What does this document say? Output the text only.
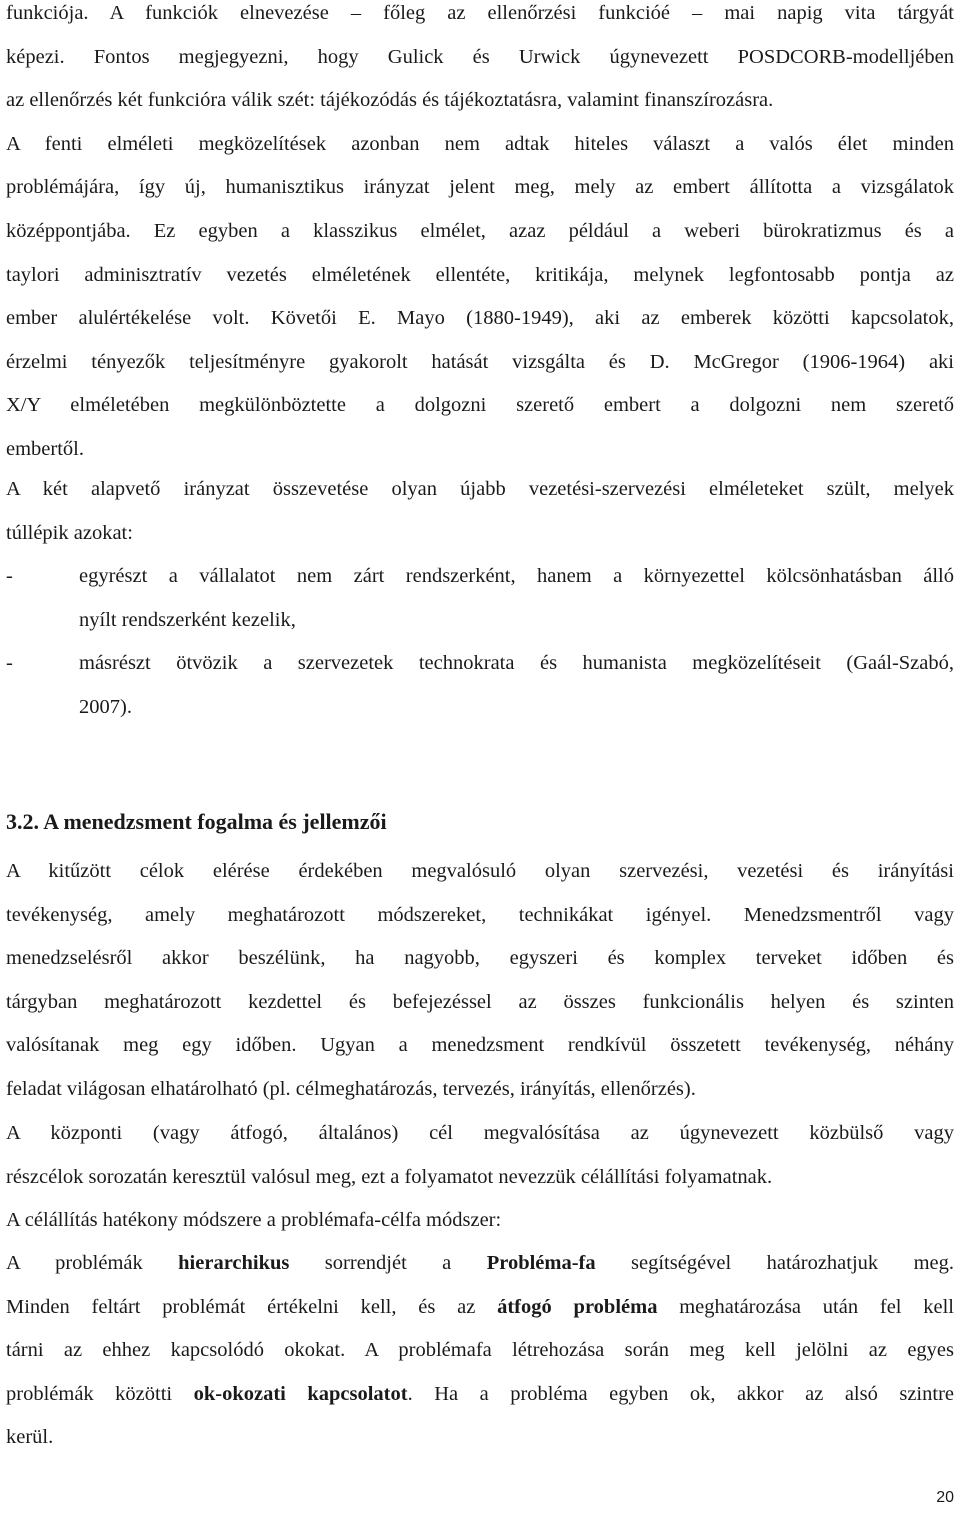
funkciója. A funkciók elnevezése – főleg az ellenőrzési funkcióé – mai napig vita tárgyát
képezi. Fontos megjegyezni, hogy Gulick és Urwick úgynevezett POSDCORB-modelljében
az ellenőrzés két funkcióra válik szét: tájékozódás és tájékoztatásra, valamint finanszírozásra.
A fenti elméleti megközelítések azonban nem adtak hiteles választ a valós élet minden
problémájára, így új, humanisztikus irányzat jelent meg, mely az embert állította a vizsgálatok
középpontjába. Ez egyben a klasszikus elmélet, azaz például a weberi bürokratizmus és a
taylori adminisztratív vezetés elméletének ellentéte, kritikája, melynek legfontosabb pontja az
ember alulértékelése volt. Követői E. Mayo (1880-1949), aki az emberek közötti kapcsolatok,
érzelmi tényezők teljesítményre gyakorolt hatását vizsgálta és D. McGregor (1906-1964) aki
X/Y elméletében megkülönböztette a dolgozni szerető embert a dolgozni nem szerető
embertől.
A két alapvető irányzat összevetése olyan újabb vezetési-szervezési elméleteket szült, melyek
túllépik azokat:
-	egyrészt a vállalatot nem zárt rendszerként, hanem a környezettel kölcsönhatásban álló
nyílt rendszerként kezelik,
-	másrészt ötvözik a szervezetek technokrata és humanista megközelítéseit (Gaál-Szabó,
2007).
3.2. A menedzsment fogalma és jellemzői
A kitűzött célok elérése érdekében megvalósuló olyan szervezési, vezetési és irányítási
tevékenység, amely meghatározott módszereket, technikákat igényel. Menedzsmentről vagy
menedzselésről akkor beszélünk, ha nagyobb, egyszeri és komplex terveket időben és
tárgyban meghatározott kezdettel és befejezéssel az összes funkcionális helyen és szinten
valósítanak meg egy időben. Ugyan a menedzsment rendkívül összetett tevékenység, néhány
feladat világosan elhatárolható (pl. célmeghatározás, tervezés, irányítás, ellenőrzés).
A központi (vagy átfogó, általános) cél megvalósítása az úgynevezett közbülső vagy
részcélok sorozatán keresztül valósul meg, ezt a folyamatot nevezzük célállítási folyamatnak.
A célállítás hatékony módszere a problémafa-célfa módszer:
A problémák hierarchikus sorrendjét a Probléma-fa segítségével határozhatjuk meg.
Minden feltárt problémát értékelni kell, és az átfogó probléma meghatározása után fel kell
tárni az ehhez kapcsolódó okokat. A problémafa létrehozása során meg kell jelölni az egyes
problémák közötti ok-okozati kapcsolatot. Ha a probléma egyben ok, akkor az alsó szintre
kerül.
20
